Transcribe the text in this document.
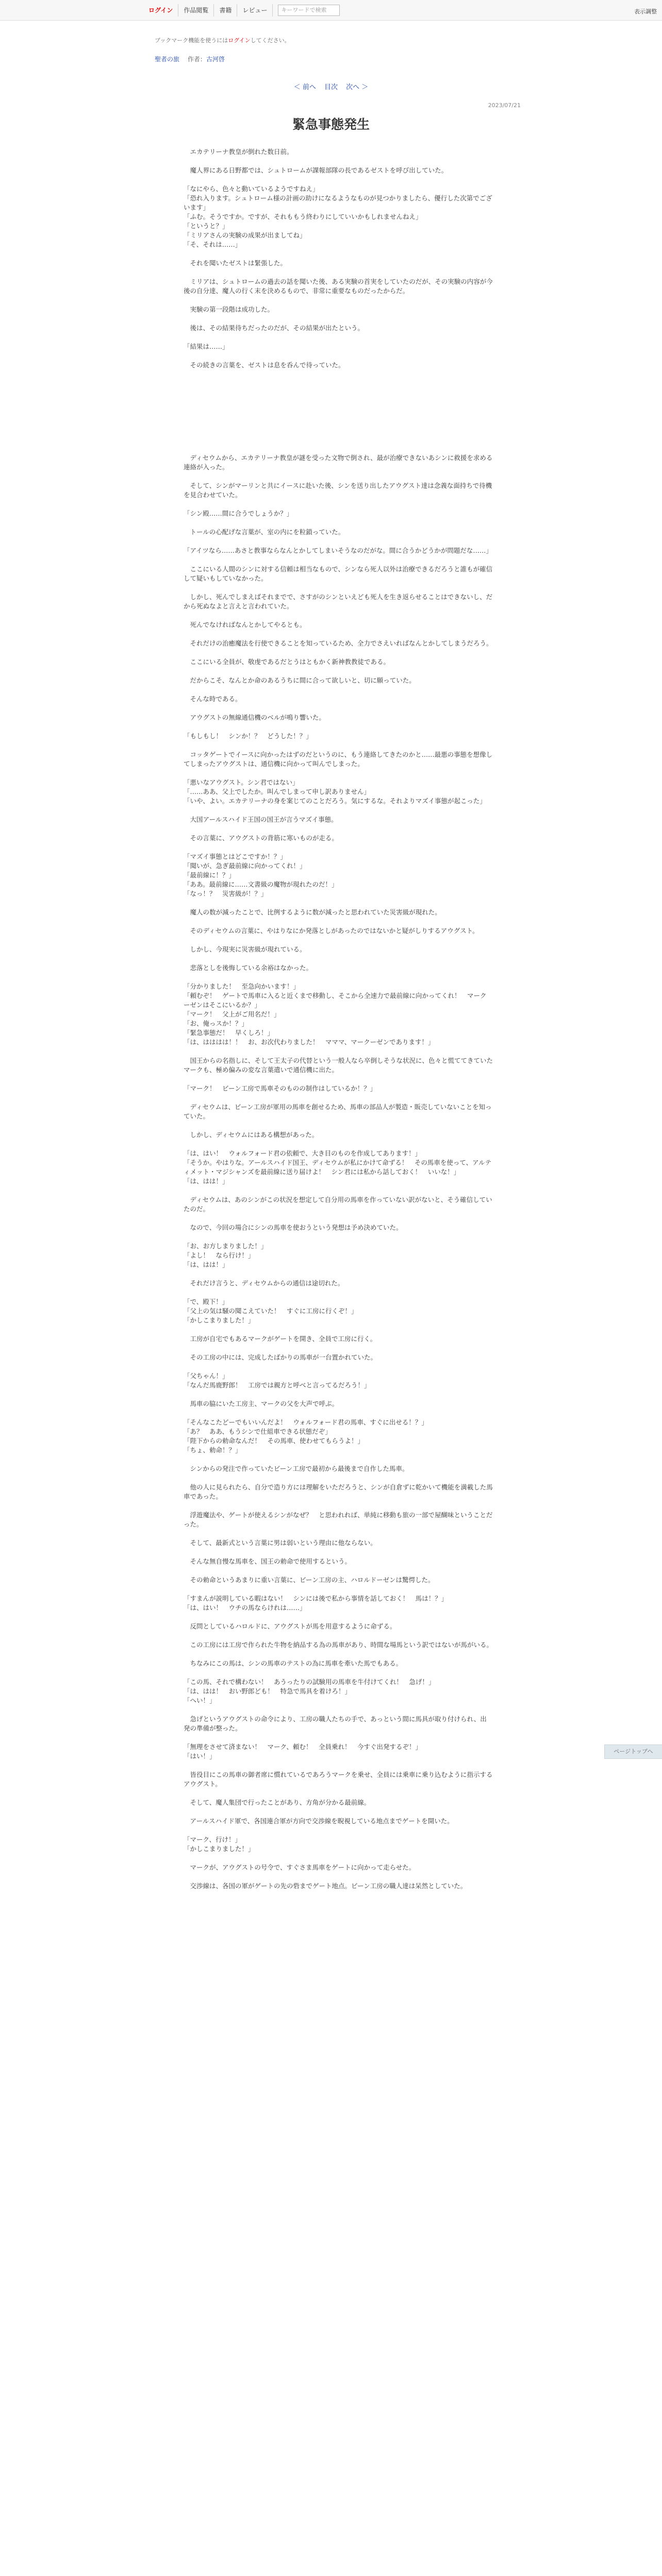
ログイン	作品閲覧	書籍	レビュー	キーワードで検索	表示調整
ブックマーク機能を使うにはログインしてください。
聖者の旅 作者：古河啓
＜ 前へ 目次 次へ ＞
2023/07/21
緊急事態発生

　エカテリーナ教皇が倒れた数日前。

　魔人界にある日野都では、シュトロームが課報部隊の長であるゼストを呼び出していた。

「なにやら、色々と動いているようですねえ」
「恐れ入ります。シュトローム様の計画の助けになるようなものが見つかりましたら、優行した次第でございます」
「ふむ。そうですか。ですが、それももう終わりにしていいかもしれませんねえ」
「というと？」
「ミリアさんの実験の成果が出ましてね」
「そ、それは……」

　それを聞いたゼストは緊張した。

　ミリアは、シュトロームの過去の話を聞いた後、ある実験の首実をしていたのだが、その実験の内容が今後の自分達、魔人の行く末を決めるもので、非常に重要なものだったからだ。

　実験の第一段階は成功した。

　後は、その結果待ちだったのだが、その結果が出たという。

「結果は……」

　その続きの言葉を、ゼストは息を呑んで待っていた。

　ディセウムから、エカテリーナ教皇が謎を受った文物で倒され、最が治療できないあシンに救援を求める連絡が入った。

　そして、シンがマーリンと共にイースに赴いた後、シンを送り出したアウグスト達は念義な面持ちで待機を見合わせていた。

「シン殿……間に合うでしょうか？」

　トールの心配げな言葉が、室の内にを粒鎖っていた。

「アイツなら……あさと教事ならなんとかしてしまいそうなのだがな。間に合うかどうかが問題だな……」

　ここにいる人間のシンに対する信頼は相当なもので、シンなら死人以外は治療できるだろうと誰もが確信して疑いもしていなかった。

　しかし、死んでしまえばそれまでで、さすがのシンといえども死人を生き返らせることはできないし、だから死ぬなよと言えと言われていた。

　死んでなければなんとかしてやるとも。

　それだけの治癒魔法を行使できることを知っているため、全力でさえいればなんとかしてしまうだろう。

　ここにいる全員が、敬虔であるだとうはともかく新神教教徒である。

　だからこそ、なんとか命のあるうちに間に合って欲しいと、切に願っていた。

　そんな時である。

　アウグストの無線通信機のベルが鳴り響いた。

「もしもし！　シンか！？　どうした！？」

　コッタゲートでイースに向かったはずのだというのに、もう連絡してきたのかと……最悪の事態を想像してしまったアウグストは、通信機に向かって叫んでしまった。

「悪いなアウグスト。シン君ではない」
「……ああ、父上でしたか。叫んでしまって申し訳ありません」
「いや、よい。エカテリーナの身を案じてのことだろう。気にするな。それよりマズイ事態が起こった」

　大国アールスハイド王国の国王が言うマズイ事態。

　その言葉に、アウグストの背筋に寒いものが走る。

「マズイ事態とはどこですか！？」
「聞いが、急ぎ最前線に向かってくれ！」
「最前線に！？」
「ああ。最前線に……文書級の魔物が現れたのだ！」
「なっ！？　災害級が！？」

　魔人の数が減ったことで、比例するように数が減ったと思われていた災害級が現れた。

　そのディセウムの言葉に、やはりなにか発落としがあったのではないかと疑がしりするアウグスト。

　しかし、今現実に災害級が現れている。

　悲落としを後悔している余裕はなかった。

「分かりました！　至急向かいます！」
「頼むぞ！　ゲートで馬車に入ると近くまで移動し、そこから全速力で最前線に向かってくれ！　マークーゼンはそこにいるか？」
「マーク！　父上がご用名だ！」
「お、俺っスか！？」
「緊急事態だ！　早くしろ！」
「は、はははは！！　お、お次代わりました！　マママ、マークーゼンであります！」

　国王からの名指しに、そして王太子の代替という一般人なら卒倒しそうな状況に、色々と慌ててきていたマークも、極め偏みの変な言葉遣いで通信機に出た。

「マーク！　ビーン工房で馬車そのものの制作はしているか！？」

　ディセウムは、ビーン工房が軍用の馬車を創せるため、馬車の部品人が製造・販売していないことを知っていた。

　しかし、ディセウムにはある構想があった。

「は、はい！　ウォルフォード君の依頼で、大き目のものを作成してあります！」
「そうか。やはりな。アールスハイド国王、ディセウムが私にかけて命ずる！　その馬車を使って、アルティメット・マジシャンズを最前線に送り届けよ！　シン君には私から話しておく！　いいな！」
「は、はは！」

　ディセウムは、あのシンがこの状況を想定して自分用の馬車を作っていない訳がないと、そう確信していたのだ。

　なので、今回の場合にシンの馬車を使おうという発想は予め決めていた。

「お、お方しまりました！」
「よし！　なら行け！」
「は、はは！」

　それだけ言うと、ディセウムからの通信は途切れた。

「で、殿下！」
「父上の気は騒の聞こえていた！　すぐに工房に行くぞ！」
「かしこまりました！」

　工房が自宅でもあるマークがゲートを開き、全員で工房に行く。

　その工房の中には、完成したばかりの馬車が一台置かれていた。

「父ちゃん！」
「なんだ馬鹿野郎！　工房では親方と呼べと言ってるだろう！」

　馬車の脇にいた工房主、マークの父を大声で呼ぶ。

「そんなこたどーでもいいんだよ！　ウォルフォード君の馬車、すぐに出せる！？」
「あ？　ああ、もうシンで仕組車できる状態だぞ」
「陛下からの勅命なんだ！　その馬車、使わせてもらうよ！」
「ちょ、勅命！？」

　シンからの発注で作っていたビーン工房で最初から最後まで自作した馬車。

　他の人に見られたら、自分で造り方には理解をいただろうと、シンが自倉ずに乾かいて機能を満載した馬車であった。

　浮遊魔法や、ゲートが使えるシンがなぜ？　と思われれば、単純に移動も旅の一部で屋醐味ということだった。

　そして、最新式という言葉に男は弱いという理由に他ならない。

　そんな無自慢な馬車を、国王の勅命で使用するという。

　その勅命というあまりに重い言葉に、ビーン工房の主、ハロルドーゼンは驚愕した。

「すまんが説明している暇はない！　シンには後で私から事情を話しておく！　馬は！？」
「は、はい！　ウチの馬ならけれは……」

　反問としているハロルドに、アウグストが馬を用意するように命ずる。

　この工房には工房で作られた牛物を納品する為の馬車があり、時間な場馬という訳ではないが馬がいる。

　ちなみにこの馬は、シンの馬車のテストの為に馬車を牽いた馬でもある。

「この馬、それで構わない！　あうったりの試験用の馬車を牛付けてくれ！　急げ！」
「は、はは！　おい野郎ども！　特急で馬具を着けろ！」
「へい！」

　急げというアウグストの命令により、工房の職人たちの手で、あっという間に馬具が取り付けられ、出発の準備が整った。

「無理をさせて済まない！　マーク、頼む！　全員乗れ！　今すぐ出発するぞ！」
「はい！」

　皆役目にこの馬車の御者席に慣れているであろうマークを乗せ、全員には乗車に乗り込むように指示するアウグスト。

　そして、魔人集団で行ったことがあり、方角が分かる最前線。

　アールスハイド軍で、各国連合軍が方向で交渉線を睨視している地点までゲートを開いた。

「マーク、行け！」
「かしこまりました！」

　マークが、アウグストの号令で、すぐさま馬車をゲートに向かって走らせた。

　交渉線は、各国の軍がゲートの先の砦までゲート地点。ビーン工房の職人達は呆然としていた。

ページトップへ
